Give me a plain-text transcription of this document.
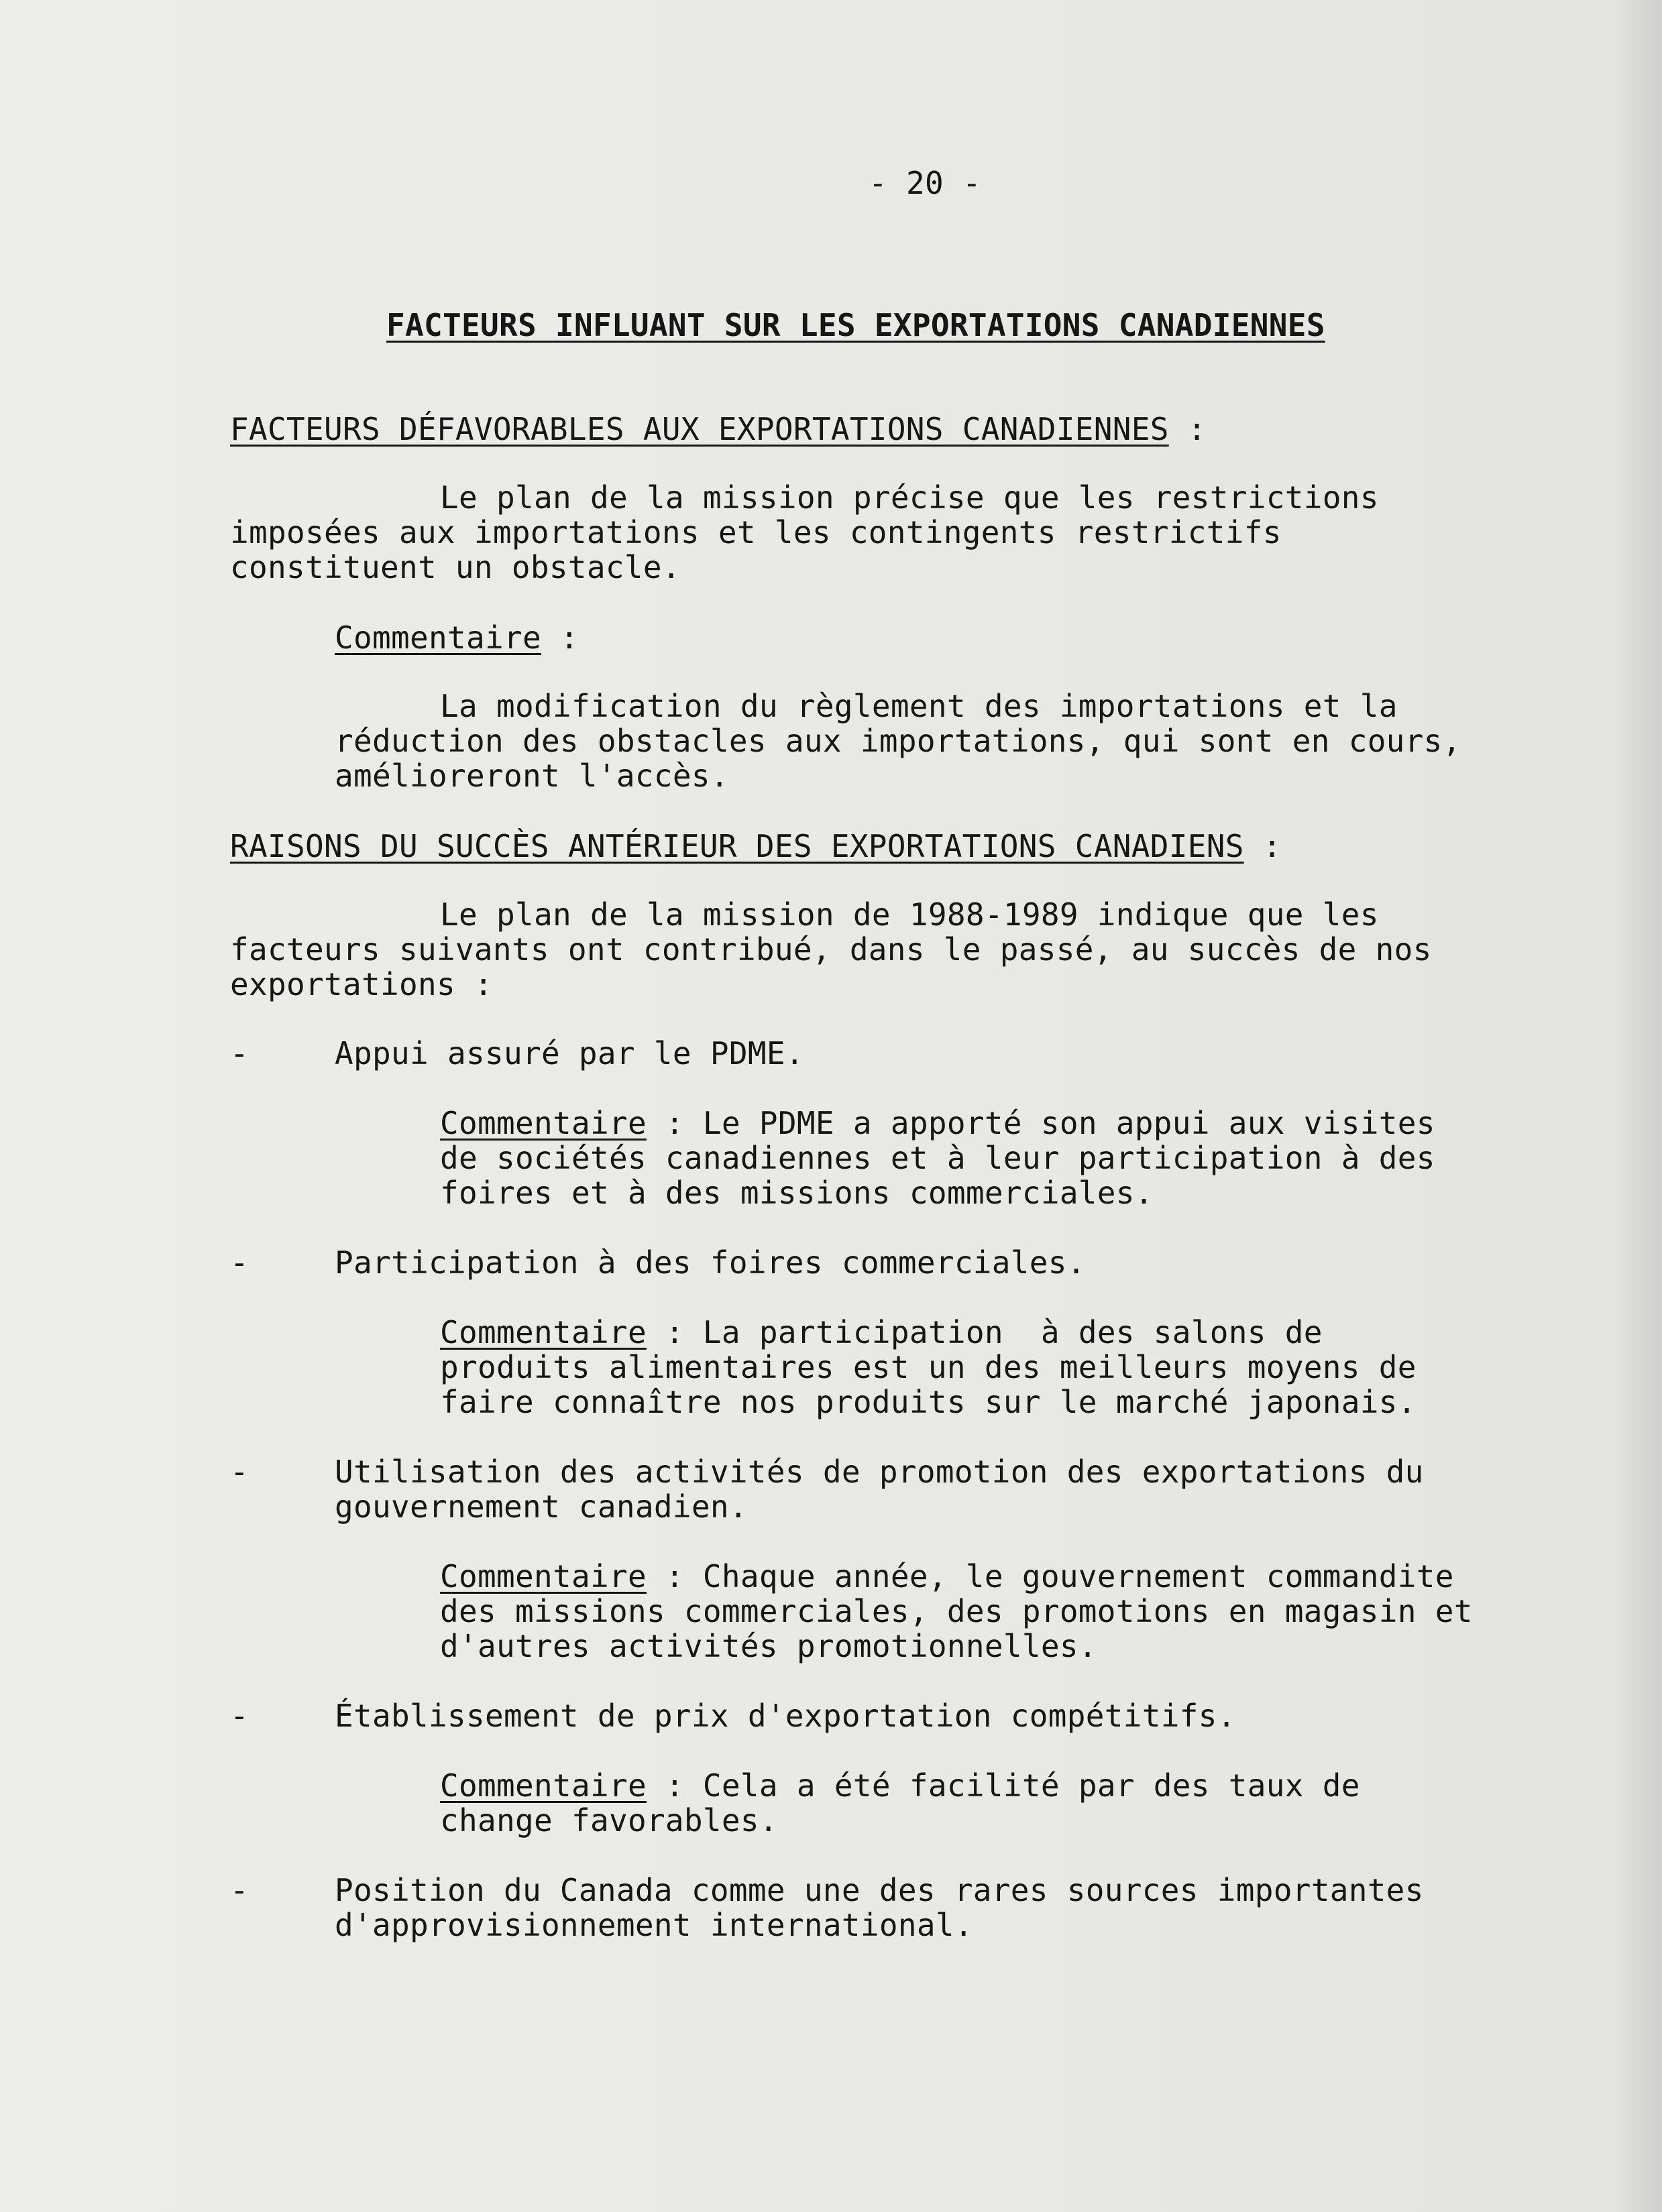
- 20 -
FACTEURS INFLUANT SUR LES EXPORTATIONS CANADIENNES
FACTEURS DÉFAVORABLES AUX EXPORTATIONS CANADIENNES :
Le plan de la mission précise que les restrictions
imposées aux importations et les contingents restrictifs
constituent un obstacle.
Commentaire :
La modification du règlement des importations et la
réduction des obstacles aux importations, qui sont en cours,
amélioreront l'accès.
RAISONS DU SUCCÈS ANTÉRIEUR DES EXPORTATIONS CANADIENS :
Le plan de la mission de 1988-1989 indique que les
facteurs suivants ont contribué, dans le passé, au succès de nos
exportations :
-	Appui assuré par le PDME.
Commentaire : Le PDME a apporté son appui aux visites
de sociétés canadiennes et à leur participation à des
foires et à des missions commerciales.
-	Participation à des foires commerciales.
Commentaire : La participation  à des salons de
produits alimentaires est un des meilleurs moyens de
faire connaître nos produits sur le marché japonais.
-	Utilisation des activités de promotion des exportations du
gouvernement canadien.
Commentaire : Chaque année, le gouvernement commandite
des missions commerciales, des promotions en magasin et
d'autres activités promotionnelles.
-	Établissement de prix d'exportation compétitifs.
Commentaire : Cela a été facilité par des taux de
change favorables.
-	Position du Canada comme une des rares sources importantes
d'approvisionnement international.
